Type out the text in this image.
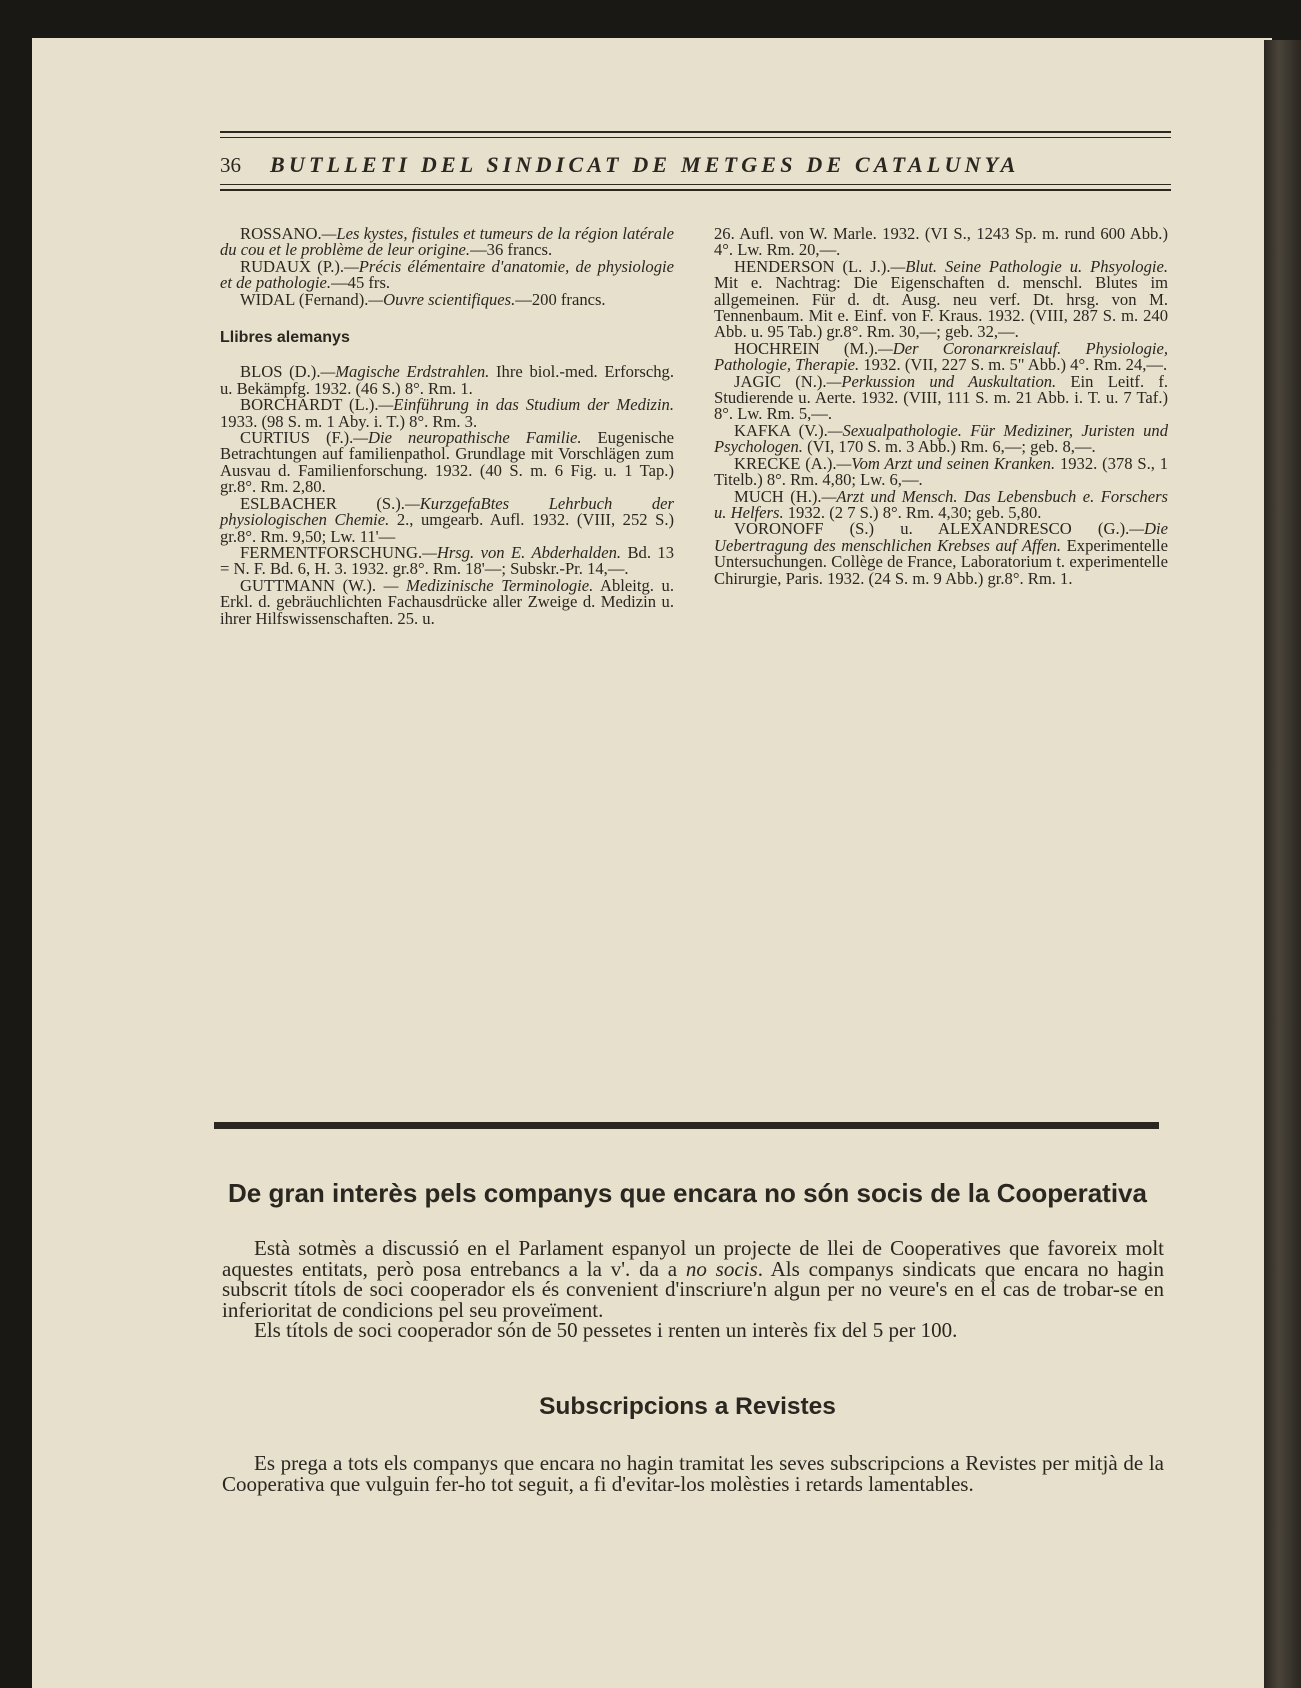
36	BUTLLETI DEL SINDICAT DE METGES DE CATALUNYA

ROSSANO.—Les kystes, fistules et tumeurs de la région latérale du cou et le problème de leur origine.—36 francs.

RUDAUX (P.).—Précis élémentaire d'anatomie, de physiologie et de pathologie.—45 frs.

WIDAL (Fernand).—Ouvre scientifiques.—200 francs.

Llibres alemanys

BLOS (D.).—Magische Erdstrahlen. Ihre biol.-med. Erforschg. u. Bekämpfg. 1932. (46 S.) 8°. Rm. 1.

BORCHARDT (L.).—Einführung in das Studium der Medizin. 1933. (98 S. m. 1 Aby. i. T.) 8°. Rm. 3.

CURTIUS (F.).—Die neuropathische Familie. Eugenische Betrachtungen auf familienpathol. Grundlage mit Vorschlägen zum Ausvau d. Familienforschung. 1932. (40 S. m. 6 Fig. u. 1 Tap.) gr.8°. Rm. 2,80.

ESLBACHER (S.).—KurzgefaBtes Lehrbuch der physiologischen Chemie. 2., umgearb. Aufl. 1932. (VIII, 252 S.) gr.8°. Rm. 9,50; Lw. 11'—

FERMENTFORSCHUNG.—Hrsg. von E. Abderhalden. Bd. 13 = N. F. Bd. 6, H. 3. 1932. gr.8°. Rm. 18'—; Subskr.-Pr. 14,—.

GUTTMANN (W.). — Medizinische Terminologie. Ableitg. u. Erkl. d. gebräuchlichten Fachausdrücke aller Zweige d. Medizin u. ihrer Hilfswissenschaften. 25. u.

26. Aufl. von W. Marle. 1932. (VI S., 1243 Sp. m. rund 600 Abb.) 4°. Lw. Rm. 20,—.

HENDERSON (L. J.).—Blut. Seine Pathologie u. Phsyologie. Mit e. Nachtrag: Die Eigenschaften d. menschl. Blutes im allgemeinen. Für d. dt. Ausg. neu verf. Dt. hrsg. von M. Tennenbaum. Mit e. Einf. von F. Kraus. 1932. (VIII, 287 S. m. 240 Abb. u. 95 Tab.) gr.8°. Rm. 30,—; geb. 32,—.

HOCHREIN (M.).—Der Coronarкreislauf. Physiologie, Pathologie, Therapie. 1932. (VII, 227 S. m. 5" Abb.) 4°. Rm. 24,—.

JAGIC (N.).—Perkussion und Auskultation. Ein Leitf. f. Studierende u. Aerte. 1932. (VIII, 111 S. m. 21 Abb. i. T. u. 7 Taf.) 8°. Lw. Rm. 5,—.

KAFKA (V.).—Sexualpathologie. Für Mediziner, Juristen und Psychologen. (VI, 170 S. m. 3 Abb.) Rm. 6,—; geb. 8,—.

KRECKE (A.).—Vom Arzt und seinen Kranken. 1932. (378 S., 1 Titelb.) 8°. Rm. 4,80; Lw. 6,—.

MUCH (H.).—Arzt und Mensch. Das Lebensbuch e. Forschers u. Helfers. 1932. (2 7 S.) 8°. Rm. 4,30; geb. 5,80.

VORONOFF (S.) u. ALEXANDRESCO (G.).—Die Uebertragung des menschlichen Krebses auf Affen. Experimentelle Untersuchungen. Collège de France, Laboratorium t. experimentelle Chirurgie, Paris. 1932. (24 S. m. 9 Abb.) gr.8°. Rm. 1.

De gran interès pels companys que encara no són socis de la Cooperativa

Està sotmès a discussió en el Parlament espanyol un projecte de llei de Cooperatives que favoreix molt aquestes entitats, però posa entrebancs a la v'. da a no socis. Als companys sindicats que encara no hagin subscrit títols de soci cooperador els és convenient d'inscriure'n algun per no veure's en el cas de trobar-se en inferioritat de condicions pel seu proveïment.

Els títols de soci cooperador són de 50 pessetes i renten un interès fix del 5 per 100.

Subscripcions a Revistes

Es prega a tots els companys que encara no hagin tramitat les seves subscripcions a Revistes per mitjà de la Cooperativa que vulguin fer-ho tot seguit, a fi d'evitar-los molèsties i retards lamentables.
